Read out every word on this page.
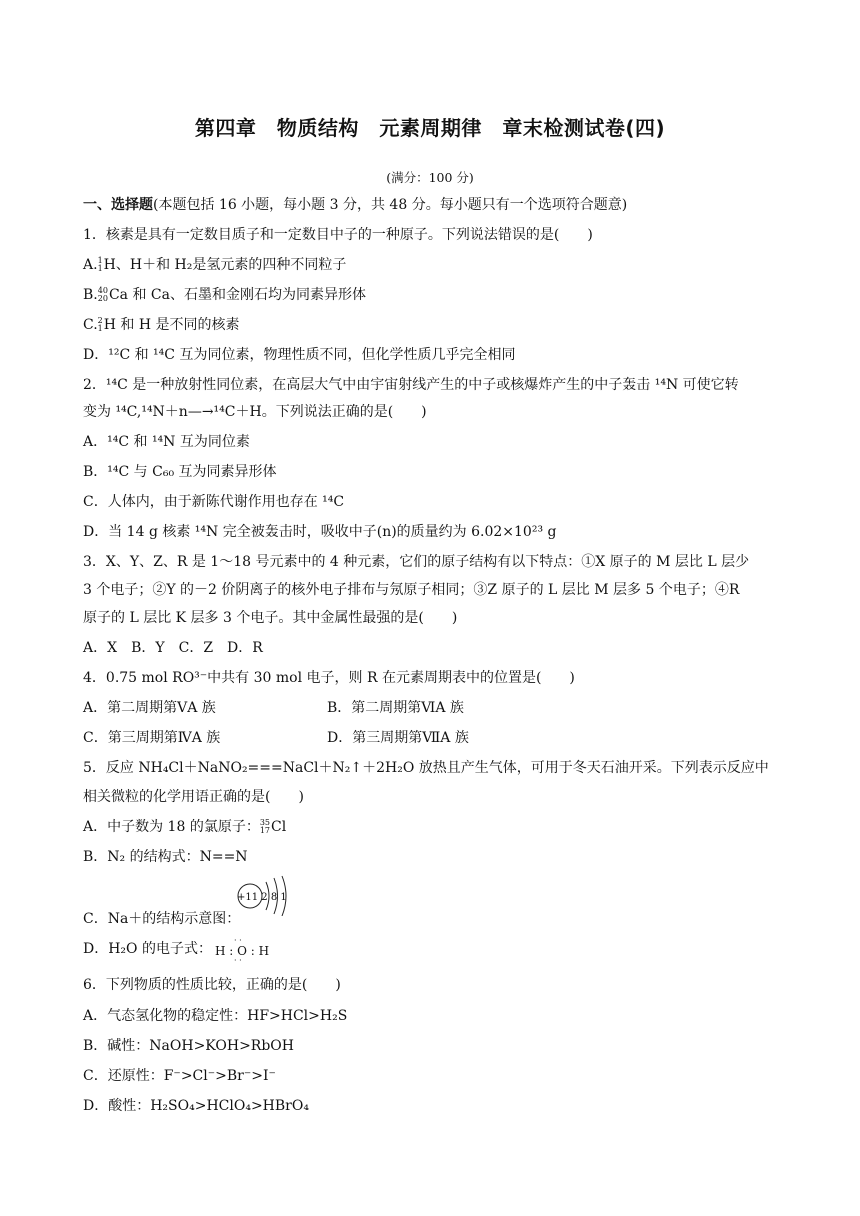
第四章　物质结构　元素周期律　章末检测试卷(四)
(满分：100 分)
一、选择题(本题包括 16 小题，每小题 3 分，共 48 分。每小题只有一个选项符合题意)
1．核素是具有一定数目质子和一定数目中子的一种原子。下列说法错误的是(　　)
A. 1
1 H、H＋和 H₂是氢元素的四种不同粒子
B. 40
20 Ca 和 Ca、石墨和金刚石均为同素异形体
C. 2
1 H 和 H 是不同的核素
D．¹²C 和 ¹⁴C 互为同位素，物理性质不同，但化学性质几乎完全相同
2．¹⁴C 是一种放射性同位素，在高层大气中由宇宙射线产生的中子或核爆炸产生的中子轰击 ¹⁴N 可使它转
变为 ¹⁴C,¹⁴N＋n—→¹⁴C＋H。下列说法正确的是(　　)
A．¹⁴C 和 ¹⁴N 互为同位素
B．¹⁴C 与 C₆₀ 互为同素异形体
C．人体内，由于新陈代谢作用也存在 ¹⁴C
D．当 14 g 核素 ¹⁴N 完全被轰击时，吸收中子(n)的质量约为 6.02×10²³ g
3．X、Y、Z、R 是 1～18 号元素中的 4 种元素，它们的原子结构有以下特点：①X 原子的 M 层比 L 层少
3 个电子；②Y 的－2 价阴离子的核外电子排布与氖原子相同；③Z 原子的 L 层比 M 层多 5 个电子；④R
原子的 L 层比 K 层多 3 个电子。其中金属性最强的是(　　)
A．X　B．Y　C．Z　D．R
4．0.75 mol RO³⁻中共有 30 mol 电子，则 R 在元素周期表中的位置是(　　)
A．第二周期第ⅤA 族	B．第二周期第ⅥA 族
C．第三周期第ⅣA 族	D．第三周期第ⅦA 族
5．反应 NH₄Cl＋NaNO₂===NaCl＋N₂↑＋2H₂O 放热且产生气体，可用于冬天石油开采。下列表示反应中
相关微粒的化学用语正确的是(　　)
A．中子数为 18 的氯原子： 35
17 Cl
B．N₂ 的结构式：N==N
C．Na＋的结构示意图：
+11 2 8 1
D．H₂O 的电子式： H : O : H
· ·
· ·
6．下列物质的性质比较，正确的是(　　)
A．气态氢化物的稳定性：HF>HCl>H₂S
B．碱性：NaOH>KOH>RbOH
C．还原性：F⁻>Cl⁻>Br⁻>I⁻
D．酸性：H₂SO₄>HClO₄>HBrO₄
